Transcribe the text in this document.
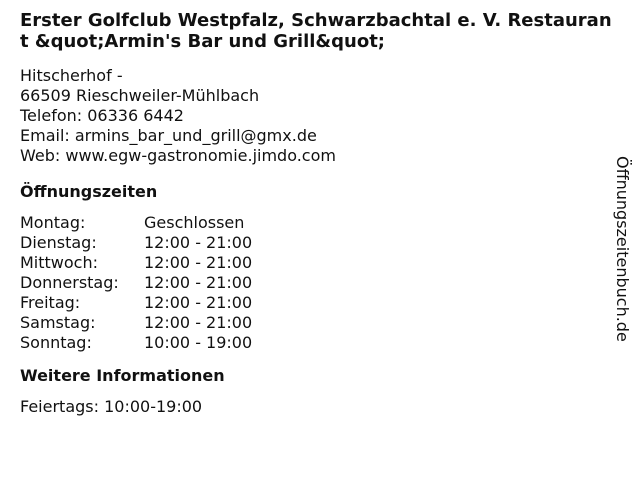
Erster Golfclub Westpfalz, Schwarzbachtal e. V. Restaurant &quot;Armin's Bar und Grill&quot;
Hitscherhof -
66509 Rieschweiler-Mühlbach
Telefon: 06336 6442
Email: armins_bar_und_grill@gmx.de
Web: www.egw-gastronomie.jimdo.com
Öffnungszeiten
Montag:	Geschlossen
Dienstag:	12:00 - 21:00
Mittwoch:	12:00 - 21:00
Donnerstag:	12:00 - 21:00
Freitag:	12:00 - 21:00
Samstag:	12:00 - 21:00
Sonntag:	10:00 - 19:00
Weitere Informationen
Feiertags: 10:00-19:00
Öffnungszeitenbuch.de
